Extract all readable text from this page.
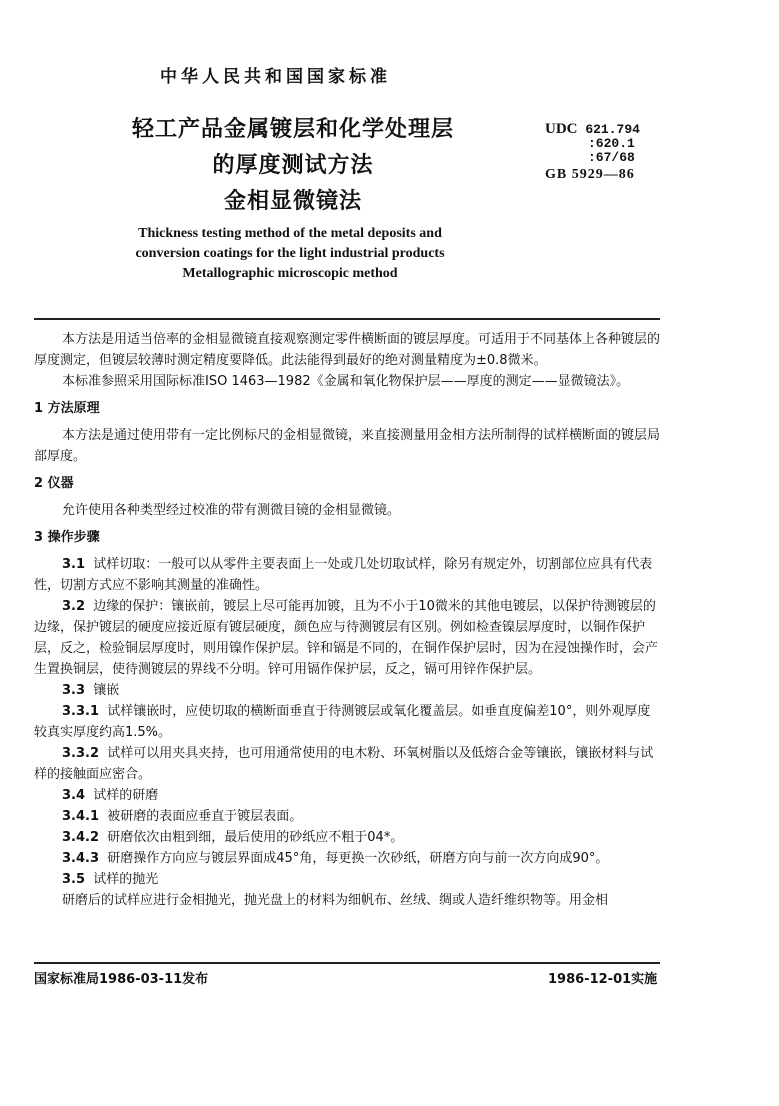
中华人民共和国国家标准
轻工产品金属镀层和化学处理层
的厚度测试方法
金相显微镜法
UDC 621.794
:620.1
:67/68
GB 5929—86
Thickness testing method of the metal deposits and
conversion coatings for the light industrial products
Metallographic microscopic method

本方法是用适当倍率的金相显微镜直接观察测定零件横断面的镀层厚度。可适用于不同基体上各种镀层的厚度测定，但镀层较薄时测定精度要降低。此法能得到最好的绝对测量精度为±0.8微米。

本标准参照采用国际标准ISO 1463—1982《金属和氧化物保护层——厚度的测定——显微镜法》。

1 方法原理

本方法是通过使用带有一定比例标尺的金相显微镜，来直接测量用金相方法所制得的试样横断面的镀层局部厚度。

2 仪器

允许使用各种类型经过校准的带有测微目镜的金相显微镜。

3 操作步骤

3.1 试样切取：一般可以从零件主要表面上一处或几处切取试样，除另有规定外，切割部位应具有代表性，切割方式应不影响其测量的准确性。

3.2 边缘的保护：镶嵌前，镀层上尽可能再加镀，且为不小于10微米的其他电镀层，以保护待测镀层的边缘，保护镀层的硬度应接近原有镀层硬度，颜色应与待测镀层有区别。例如检查镍层厚度时，以铜作保护层，反之，检验铜层厚度时，则用镍作保护层。锌和镉是不同的，在铜作保护层时，因为在浸蚀操作时，会产生置换铜层，使待测镀层的界线不分明。锌可用镉作保护层，反之，镉可用锌作保护层。

3.3 镶嵌

3.3.1 试样镶嵌时，应使切取的横断面垂直于待测镀层或氧化覆盖层。如垂直度偏差10°，则外观厚度较真实厚度约高1.5%。

3.3.2 试样可以用夹具夹持，也可用通常使用的电木粉、环氧树脂以及低熔合金等镶嵌，镶嵌材料与试样的接触面应密合。

3.4 试样的研磨

3.4.1 被研磨的表面应垂直于镀层表面。

3.4.2 研磨依次由粗到细，最后使用的砂纸应不粗于04*。

3.4.3 研磨操作方向应与镀层界面成45°角，每更换一次砂纸，研磨方向与前一次方向成90°。

3.5 试样的抛光

研磨后的试样应进行金相抛光，抛光盘上的材料为细帆布、丝绒、绸或人造纤维织物等。用金相

国家标准局1986-03-11发布	1986-12-01实施
